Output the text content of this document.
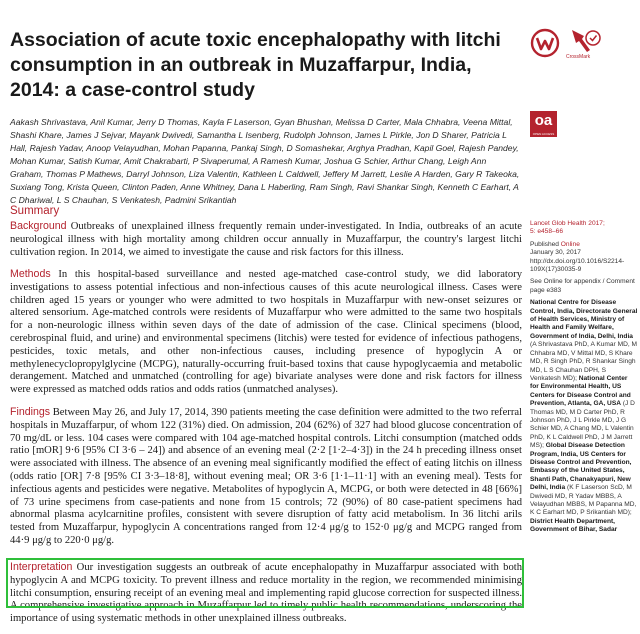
Association of acute toxic encephalopathy with litchi consumption in an outbreak in Muzaffarpur, India, 2014: a case-control study
CrossMark
oa
OPEN ACCESS

Aakash Shrivastava, Anil Kumar, Jerry D Thomas, Kayla F Laserson, Gyan Bhushan, Melissa D Carter, Mala Chhabra, Veena Mittal, Shashi Khare, James J Sejvar, Mayank Dwivedi, Samantha L Isenberg, Rudolph Johnson, James L Pirkle, Jon D Sharer, Patricia L Hall, Rajesh Yadav, Anoop Velayudhan, Mohan Papanna, Pankaj Singh, D Somashekar, Arghya Pradhan, Kapil Goel, Rajesh Pandey, Mohan Kumar, Satish Kumar, Amit Chakrabarti, P Sivaperumal, A Ramesh Kumar, Joshua G Schier, Arthur Chang, Leigh Ann Graham, Thomas P Mathews, Darryl Johnson, Liza Valentin, Kathleen L Caldwell, Jeffery M Jarrett, Leslie A Harden, Gary R Takeoka, Suxiang Tong, Krista Queen, Clinton Paden, Anne Whitney, Dana L Haberling, Ram Singh, Ravi Shankar Singh, Kenneth C Earhart, A C Dhariwal, L S Chauhan, S Venkatesh, Padmini Srikantiah

Summary

Background Outbreaks of unexplained illness frequently remain under-investigated. In India, outbreaks of an acute neurological illness with high mortality among children occur annually in Muzaffarpur, the country's largest litchi cultivation region. In 2014, we aimed to investigate the cause and risk factors for this illness.

Methods In this hospital-based surveillance and nested age-matched case-control study, we did laboratory investigations to assess potential infectious and non-infectious causes of this acute neurological illness. Cases were children aged 15 years or younger who were admitted to two hospitals in Muzaffarpur with new-onset seizures or altered sensorium. Age-matched controls were residents of Muzaffarpur who were admitted to the same two hospitals for a non-neurologic illness within seven days of the date of admission of the case. Clinical specimens (blood, cerebrospinal fluid, and urine) and environmental specimens (litchis) were tested for evidence of infectious pathogens, pesticides, toxic metals, and other non-infectious causes, including presence of hypoglycin A or methylenecyclopropylglycine (MCPG), naturally-occurring fruit-based toxins that cause hypoglycaemia and metabolic derangement. Matched and unmatched (controlling for age) bivariate analyses were done and risk factors for illness were expressed as matched odds ratios and odds ratios (unmatched analyses).

Findings Between May 26, and July 17, 2014, 390 patients meeting the case definition were admitted to the two referral hospitals in Muzaffarpur, of whom 122 (31%) died. On admission, 204 (62%) of 327 had blood glucose concentration of 70 mg/dL or less. 104 cases were compared with 104 age-matched hospital controls. Litchi consumption (matched odds ratio [mOR] 9·6 [95% CI 3·6 – 24]) and absence of an evening meal (2·2 [1·2–4·3]) in the 24 h preceding illness onset were associated with illness. The absence of an evening meal significantly modified the effect of eating litchis on illness (odds ratio [OR] 7·8 [95% CI 3·3–18·8], without evening meal; OR 3·6 [1·1–11·1] with an evening meal). Tests for infectious agents and pesticides were negative. Metabolites of hypoglycin A, MCPG, or both were detected in 48 [66%] of 73 urine specimens from case-patients and none from 15 controls; 72 (90%) of 80 case-patient specimens had abnormal plasma acylcarnitine profiles, consistent with severe disruption of fatty acid metabolism. In 36 litchi arils tested from Muzaffarpur, hypoglycin A concentrations ranged from 12·4 μg/g to 152·0 μg/g and MCPG ranged from 44·9 μg/g to 220·0 μg/g.

Interpretation Our investigation suggests an outbreak of acute encephalopathy in Muzaffarpur associated with both hypoglycin A and MCPG toxicity. To prevent illness and reduce mortality in the region, we recommended minimising litchi consumption, ensuring receipt of an evening meal and implementing rapid glucose correction for suspected illness. A comprehensive investigative approach in Muzaffarpur led to timely public health recommendations, underscoring the importance of using systematic methods in other unexplained illness outbreaks.

Lancet Glob Health 2017;

5: e458–66

Published Online

January 30, 2017

http://dx.doi.org/10.1016/S2214-109X(17)30035-9

See Online for appendix / Comment page e383

National Centre for Disease Control, India, Directorate General of Health Services, Ministry of Health and Family Welfare, Government of India, Delhi, India (A Shrivastava PhD, A Kumar MD, M Chhabra MD, V Mittal MD, S Khare MD, R Singh PhD, R Shankar Singh MD, L S Chauhan DPH, S Venkatesh MD); National Center for Environmental Health, US Centers for Disease Control and Prevention, Atlanta, GA, USA (J D Thomas MD, M D Carter PhD, R Johnson PhD, J L Pirkle MD, J G Schier MD, A Chang MD, L Valentin PhD, K L Caldwell PhD, J M Jarrett MS); Global Disease Detection Program, India, US Centers for Disease Control and Prevention, Embassy of the United States, Shanti Path, Chanakyapuri, New Delhi, India (K F Laserson ScD, M Dwivedi MD, R Yadav MBBS, A Velayudhan MBBS, M Papanna MD, K C Earhart MD, P Srikantiah MD); District Health Department, Government of Bihar, Sadar
